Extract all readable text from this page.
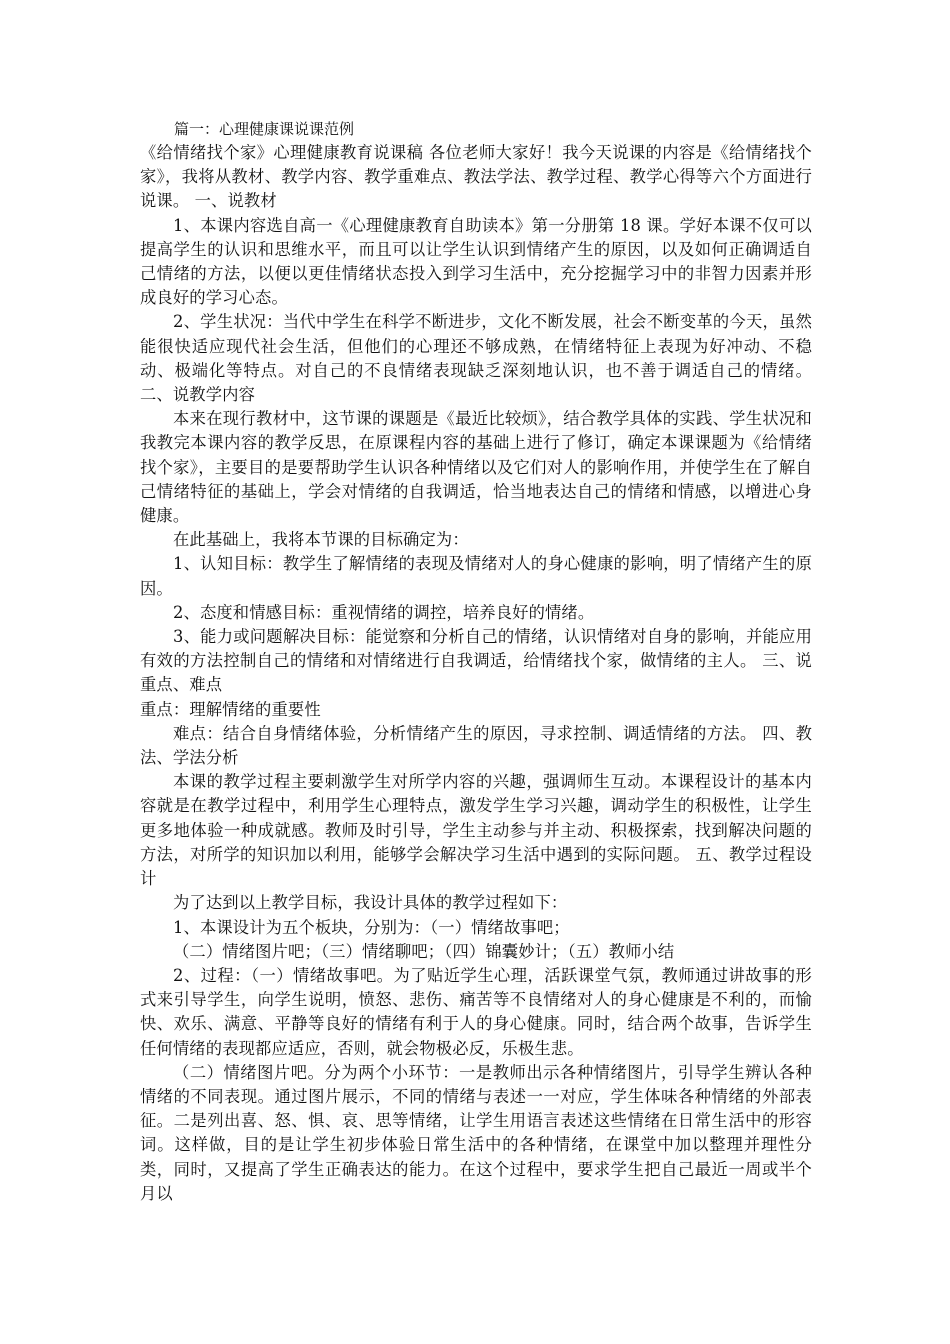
篇一：心理健康课说课范例

《给情绪找个家》心理健康教育说课稿 各位老师大家好！我今天说课的内容是《给情绪找个家》，我将从教材、教学内容、教学重难点、教法学法、教学过程、教学心得等六个方面进行说课。 一、说教材

1、本课内容选自高一《心理健康教育自助读本》第一分册第 18 课。学好本课不仅可以提高学生的认识和思维水平，而且可以让学生认识到情绪产生的原因，以及如何正确调适自己情绪的方法，以便以更佳情绪状态投入到学习生活中，充分挖掘学习中的非智力因素并形成良好的学习心态。

2、学生状况：当代中学生在科学不断进步，文化不断发展，社会不断变革的今天，虽然能很快适应现代社会生活，但他们的心理还不够成熟，在情绪特征上表现为好冲动、不稳动、极端化等特点。对自己的不良情绪表现缺乏深刻地认识，也不善于调适自己的情绪。 二、说教学内容

本来在现行教材中，这节课的课题是《最近比较烦》，结合教学具体的实践、学生状况和我教完本课内容的教学反思，在原课程内容的基础上进行了修订，确定本课课题为《给情绪找个家》，主要目的是要帮助学生认识各种情绪以及它们对人的影响作用，并使学生在了解自己情绪特征的基础上，学会对情绪的自我调适，恰当地表达自己的情绪和情感，以增进心身健康。

在此基础上，我将本节课的目标确定为：

1、认知目标：教学生了解情绪的表现及情绪对人的身心健康的影响，明了情绪产生的原因。

2、态度和情感目标：重视情绪的调控，培养良好的情绪。

3、能力或问题解决目标：能觉察和分析自己的情绪，认识情绪对自身的影响，并能应用有效的方法控制自己的情绪和对情绪进行自我调适，给情绪找个家，做情绪的主人。 三、说重点、难点

重点：理解情绪的重要性

难点：结合自身情绪体验，分析情绪产生的原因，寻求控制、调适情绪的方法。 四、教法、学法分析

本课的教学过程主要刺激学生对所学内容的兴趣，强调师生互动。本课程设计的基本内容就是在教学过程中，利用学生心理特点，激发学生学习兴趣，调动学生的积极性，让学生更多地体验一种成就感。教师及时引导，学生主动参与并主动、积极探索，找到解决问题的方法，对所学的知识加以利用，能够学会解决学习生活中遇到的实际问题。 五、教学过程设计

为了达到以上教学目标，我设计具体的教学过程如下：

1、本课设计为五个板块，分别为：（一）情绪故事吧；

（二）情绪图片吧；（三）情绪聊吧；（四）锦囊妙计；（五）教师小结

2、过程：（一）情绪故事吧。为了贴近学生心理，活跃课堂气氛，教师通过讲故事的形式来引导学生，向学生说明，愤怒、悲伤、痛苦等不良情绪对人的身心健康是不利的，而愉快、欢乐、满意、平静等良好的情绪有利于人的身心健康。同时，结合两个故事，告诉学生任何情绪的表现都应适应，否则，就会物极必反，乐极生悲。

（二）情绪图片吧。分为两个小环节：一是教师出示各种情绪图片，引导学生辨认各种情绪的不同表现。通过图片展示，不同的情绪与表述一一对应，学生体味各种情绪的外部表征。二是列出喜、怒、惧、哀、思等情绪，让学生用语言表述这些情绪在日常生活中的形容词。这样做，目的是让学生初步体验日常生活中的各种情绪，在课堂中加以整理并理性分类，同时，又提高了学生正确表达的能力。在这个过程中，要求学生把自己最近一周或半个月以
